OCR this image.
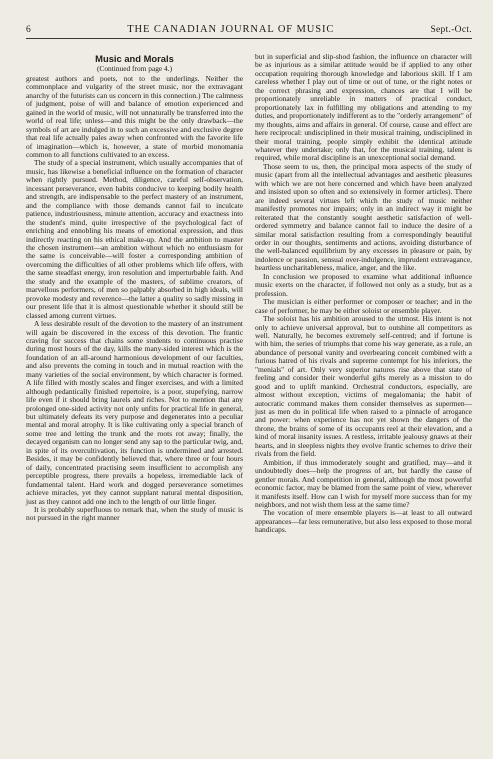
6	THE CANADIAN JOURNAL OF MUSIC	Sept.-Oct.
Music and Morals
(Continued from page 4.)

greatest authors and poets, not to the underlings. Neither the commonplace and vulgarity of the street music, nor the extravagant anarchy of the futurists can us concern in this connection.) The calmness of judgment, poise of will and balance of emotion experienced and gained in the world of music, will not unnaturally be transferred into the world of real life; unless—and this might be the only drawback—the symbols of art are indulged in to such an excessive and exclusive degree that real life actually pales away when confronted with the favorite life of imagination—which is, however, a state of morbid monomania common to all functions cultivated to an excess.

The study of a special instrument, which usually accompanies that of music, has likewise a beneficial influence on the formation of character when rightly pursued. Method, diligence, careful self-observation, incessant perseverance, even habits conducive to keeping bodily health and strength, are indispensable to the perfect mastery of an instrument, and the compliance with those demands cannot fail to inculcate patience, industriousness, minute attention, accuracy and exactness into the student's mind, quite irrespective of the psychological fact of enriching and ennobling his means of emotional expression, and thus indirectly reacting on his ethical make-up. And the ambition to master the chosen instrument—an ambition without which no enthusiasm for the same is conceivable—will foster a corresponding ambition of overcoming the difficulties of all other problems which life offers, with the same steadfast energy, iron resolution and imperturbable faith. And the study and the example of the masters, of sublime creators, of marvellous performers, of men so palpably absorbed in high ideals, will provoke modesty and reverence—the latter a quality so sadly missing in our present life that it is almost questionable whether it should still be classed among current virtues.

A less desirable result of the devotion to the mastery of an instrument will again be discovered in the excess of this devotion. The frantic craving for success that chains some students to continuous practise during most hours of the day, kills the many-sided interest which is the foundation of an all-around harmonious development of our faculties, and also prevents the coming in touch and in mutual reaction with the many varieties of the social environment, by which character is formed. A life filled with mostly scales and finger exercises, and with a limited although pedantically finished repertoire, is a poor, stupefying, narrow life even if it should bring laurels and riches. Not to mention that any prolonged one-sided activity not only unfits for practical life in general, but ultimately defeats its very purpose and degenerates into a peculiar mental and moral atrophy. It is like cultivating only a special branch of some tree and letting the trunk and the roots rot away; finally, the decayed organism can no longer send any sap to the particular twig, and, in spite of its overcultivation, its function is undermined and arrested. Besides, it may be confidently believed that, where three or four hours of daily, concentrated practising seem insufficient to accomplish any perceptible progress, there prevails a hopeless, irremediable lack of fundamental talent. Hard work and dogged perseverance sometimes achieve miracles, yet they cannot supplant natural mental disposition, just as they cannot add one inch to the length of our little finger.

It is probably superfluous to remark that, when the study of music is not pursued in the right manner

but in superficial and slip-shod fashion, the influence on character will be as injurious as a similar attitude would be if applied to any other occupation requiring thorough knowledge and laborious skill. If I am careless whether I play out of time or out of tune, or the right notes or the correct phrasing and expression, chances are that I will be proportionately unreliable in matters of practical conduct, proportionately lax in fulfilling my obligations and attending to my duties, and proportionately indifferent as to the "orderly arrangement" of my thoughts, aims and affairs in general. Of course, cause and effect are here reciprocal: undisciplined in their musical training, undisciplined in their moral training, people simply exhibit the identical attitude whatever they undertake; only that, for the musical training, talent is required, while moral discipline is an unexceptional social demand.

Those seem to us, then, the principal mora aspects of the study of music (apart from all the intellectual advantages and aesthetic pleasures with which we are not here concerned and which have been analyzed and insisted upon so often and so extensively in former articles). There are indeed several virtues left which the study of music neither manifestly promotes nor impairs; only in an indirect way it might be reiterated that the constantly sought aesthetic satisfaction of well-ordered symmetry and balance cannot fail to induce the desire of a similar moral satisfaction resulting from a correspondingly beautiful order in our thoughts, sentiments and actions, avoiding disturbance of the well-balanced equilibrium by any excesses in pleasure or pain, by indolence or passion, sensual over-indulgence, imprudent extravagance, heartless uncharitableness, malice, anger, and the like.

In conclusion we proposed to examine what additional influence music exerts on the character, if followed not only as a study, but as a profession.

The musician is either performer or composer or teacher; and in the case of performer, he may be either soloist or ensemble player.

The soloist has his ambition aroused to the utmost. His intent is not only to achieve universal approval, but to outshine all competitors as well. Naturally, he becomes extremely self-centred; and if fortune is with him, the series of triumphs that come his way generate, as a rule, an abundance of personal vanity and overbearing conceit combined with a furious hatred of his rivals and supreme contempt for his inferiors, the "menials" of art. Only very superior natures rise above that state of feeling and consider their wonderful gifts merely as a mission to do good and to uplift mankind. Orchestral conductors, especially, are almost without exception, victims of megalomania; the habit of autocratic command makes them consider themselves as supermen—just as men do in political life when raised to a pinnacle of arrogance and power: when experience has not yet shown the dangers of the throne, the brains of some of its occupants reel at their elevation, and a kind of moral insanity issues. A restless, irritable jealousy gnaws at their hearts, and in sleepless nights they evolve frantic schemes to drive their rivals from the field.

Ambition, if thus immoderately sought and gratified, may—and it undoubtedly does—help the progress of art, but hardly the cause of gentler morals. And competition in general, although the most powerful economic factor, may be blamed from the same point of view, wherever it manifests itself. How can I wish for myself more success than for my neighbors, and not wish them less at the same time?

The vocation of mere ensemble players is—at least to all outward appearances—far less remunerative, but also less exposed to those moral handicaps.
